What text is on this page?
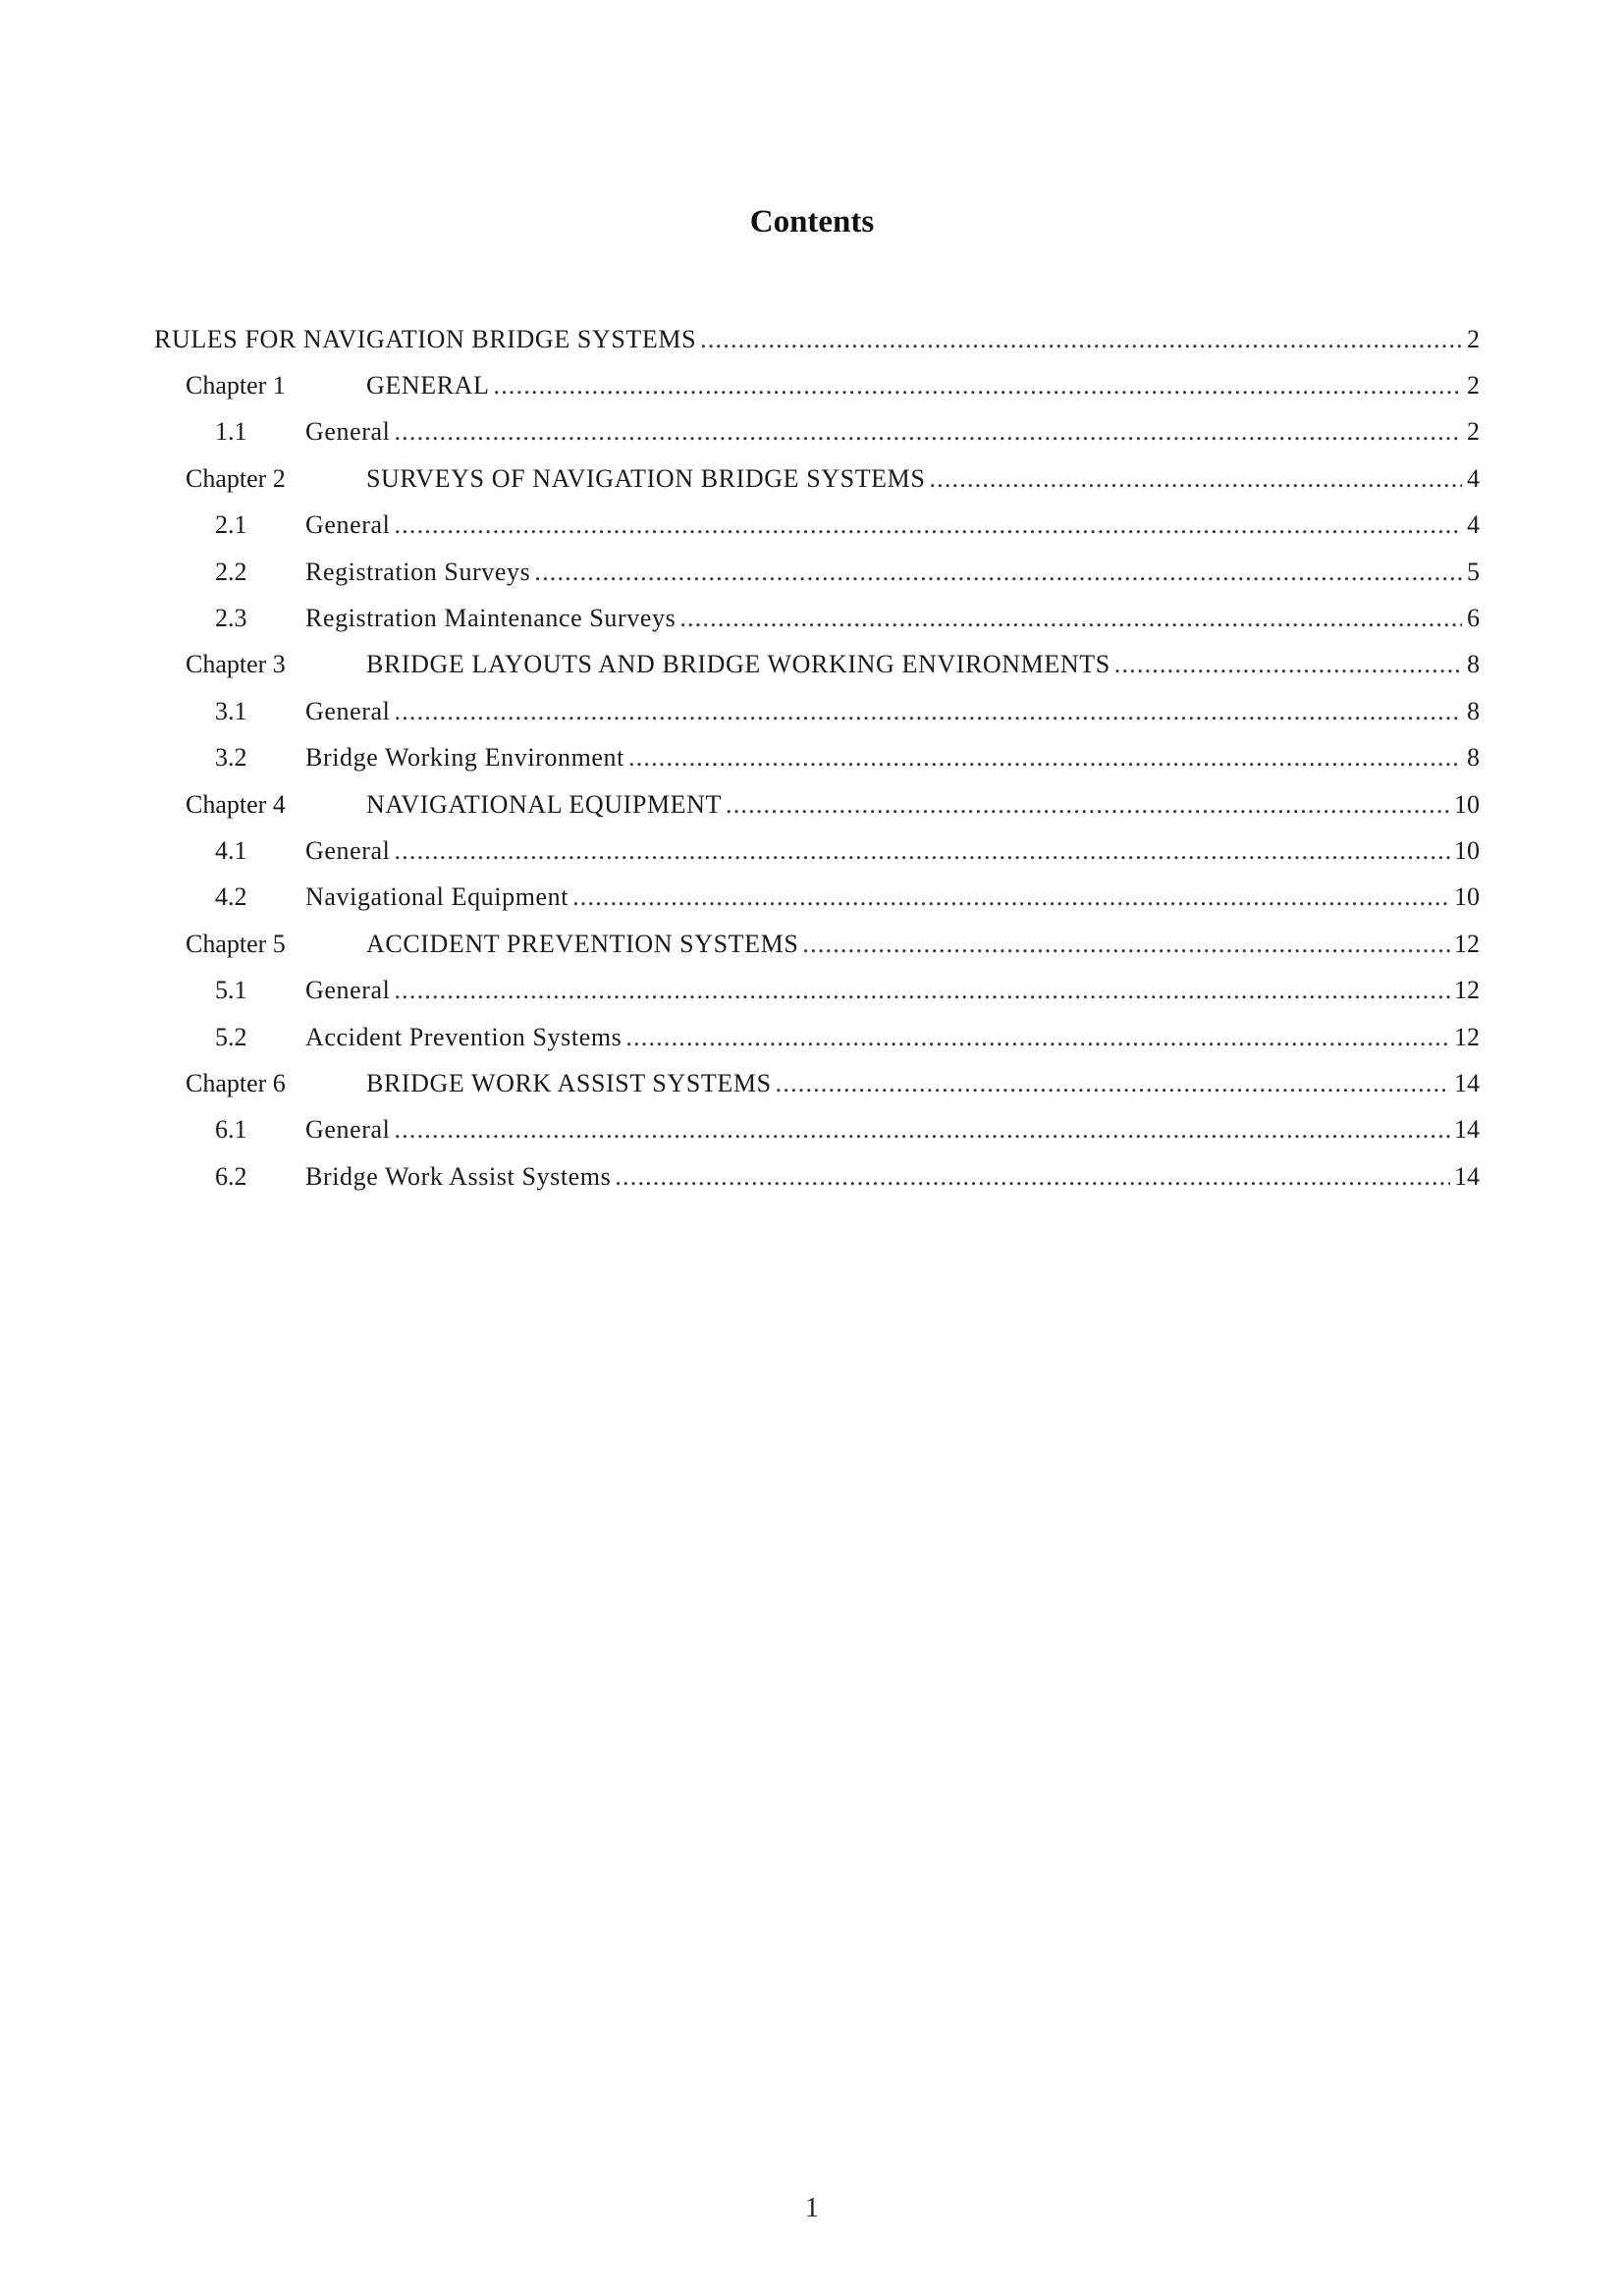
Contents
RULES FOR NAVIGATION BRIDGE SYSTEMS .....	2
Chapter 1	GENERAL .....	2
1.1	General .....	2
Chapter 2	SURVEYS OF NAVIGATION BRIDGE SYSTEMS .....	4
2.1	General .....	4
2.2	Registration Surveys .....	5
2.3	Registration Maintenance Surveys .....	6
Chapter 3	BRIDGE LAYOUTS AND BRIDGE WORKING ENVIRONMENTS .....	8
3.1	General .....	8
3.2	Bridge Working Environment .....	8
Chapter 4	NAVIGATIONAL EQUIPMENT .....	10
4.1	General .....	10
4.2	Navigational Equipment .....	10
Chapter 5	ACCIDENT PREVENTION SYSTEMS .....	12
5.1	General .....	12
5.2	Accident Prevention Systems .....	12
Chapter 6	BRIDGE WORK ASSIST SYSTEMS .....	14
6.1	General .....	14
6.2	Bridge Work Assist Systems .....	14
1
